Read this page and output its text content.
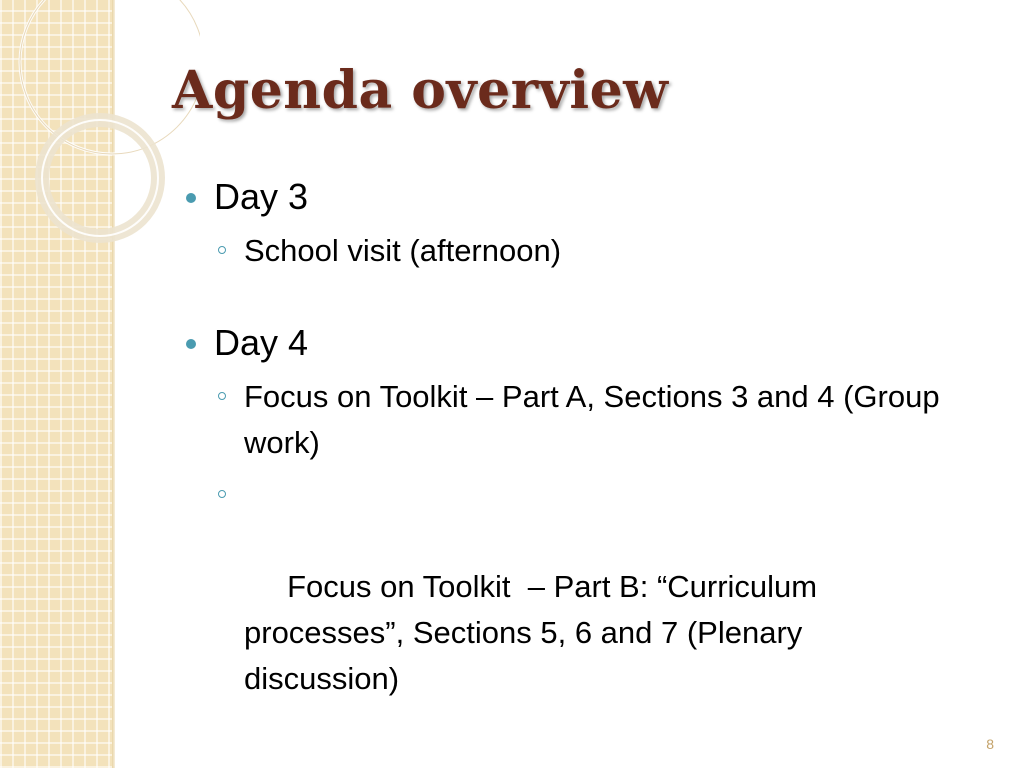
Agenda overview
Day 3
School visit (afternoon)
Day 4
Focus on Toolkit – Part A, Sections 3 and 4 (Group work)

Focus on Toolkit  – Part B: “Curriculum processes”, Sections 5, 6 and 7 (Plenary discussion)

8
